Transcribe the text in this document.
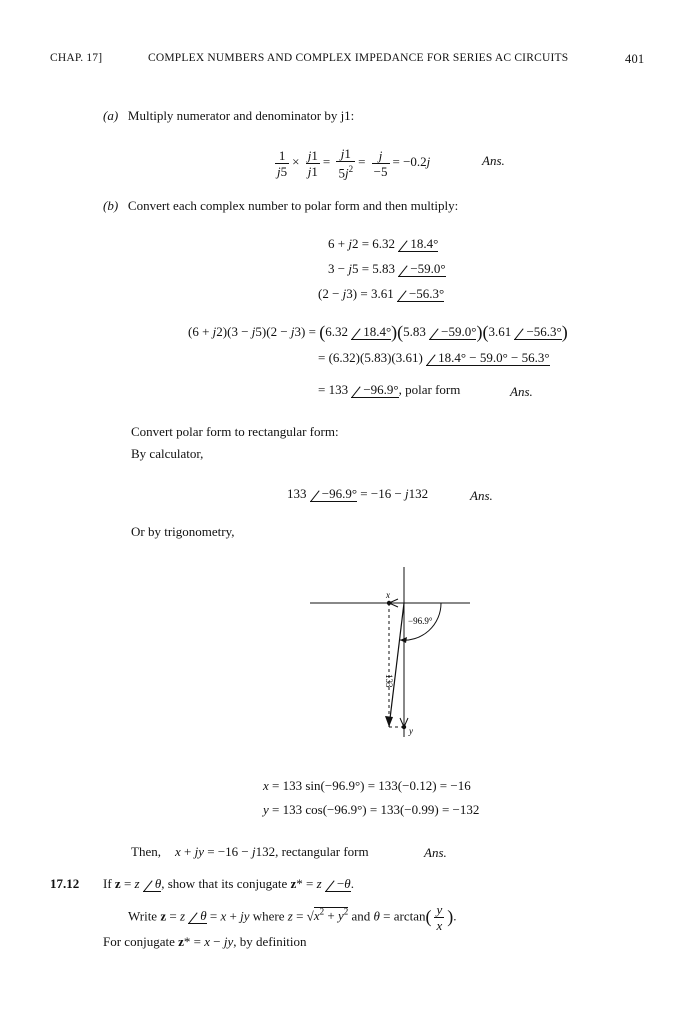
CHAP. 17]	COMPLEX NUMBERS AND COMPLEX IMPEDANCE FOR SERIES AC CIRCUITS	401
(a) Multiply numerator and denominator by j1:
$\frac{1}{j5} \times \frac{j1}{j1} = \frac{j1}{5j^2} = \frac{j}{-5} = -0.2j$	Ans.
(b) Convert each complex number to polar form and then multiply:
6 + j2 = 6.32 18.4°
3 − j5 = 5.83 −59.0°
(2 − j3) = 3.61 −56.3°
(6 + j2)(3 − j5)(2 − j3) = (6.32 18.4°)(5.83 −59.0°)(3.61 −56.3°)
= (6.32)(5.83)(3.61) 18.4° − 59.0° − 56.3°
= 133 −96.9°, polar form	Ans.
Convert polar form to rectangular form:
By calculator,
133 −96.9° = −16 − j132	Ans.
Or by trigonometry,
x
y
−96.9°
133
x = 133 sin(−96.9°) = 133(−0.12) = −16
y = 133 cos(−96.9°) = 133(−0.99) = −132
Then, x + jy = −16 − j132, rectangular form	Ans.
17.12 If z = z θ, show that its conjugate z* = z −θ.
Write z = z θ = x + jy where $z = √x^2 + y^2$ and $\theta = \arctan( \frac{y}{x}$ ).
For conjugate z* = x − jy, by definition
